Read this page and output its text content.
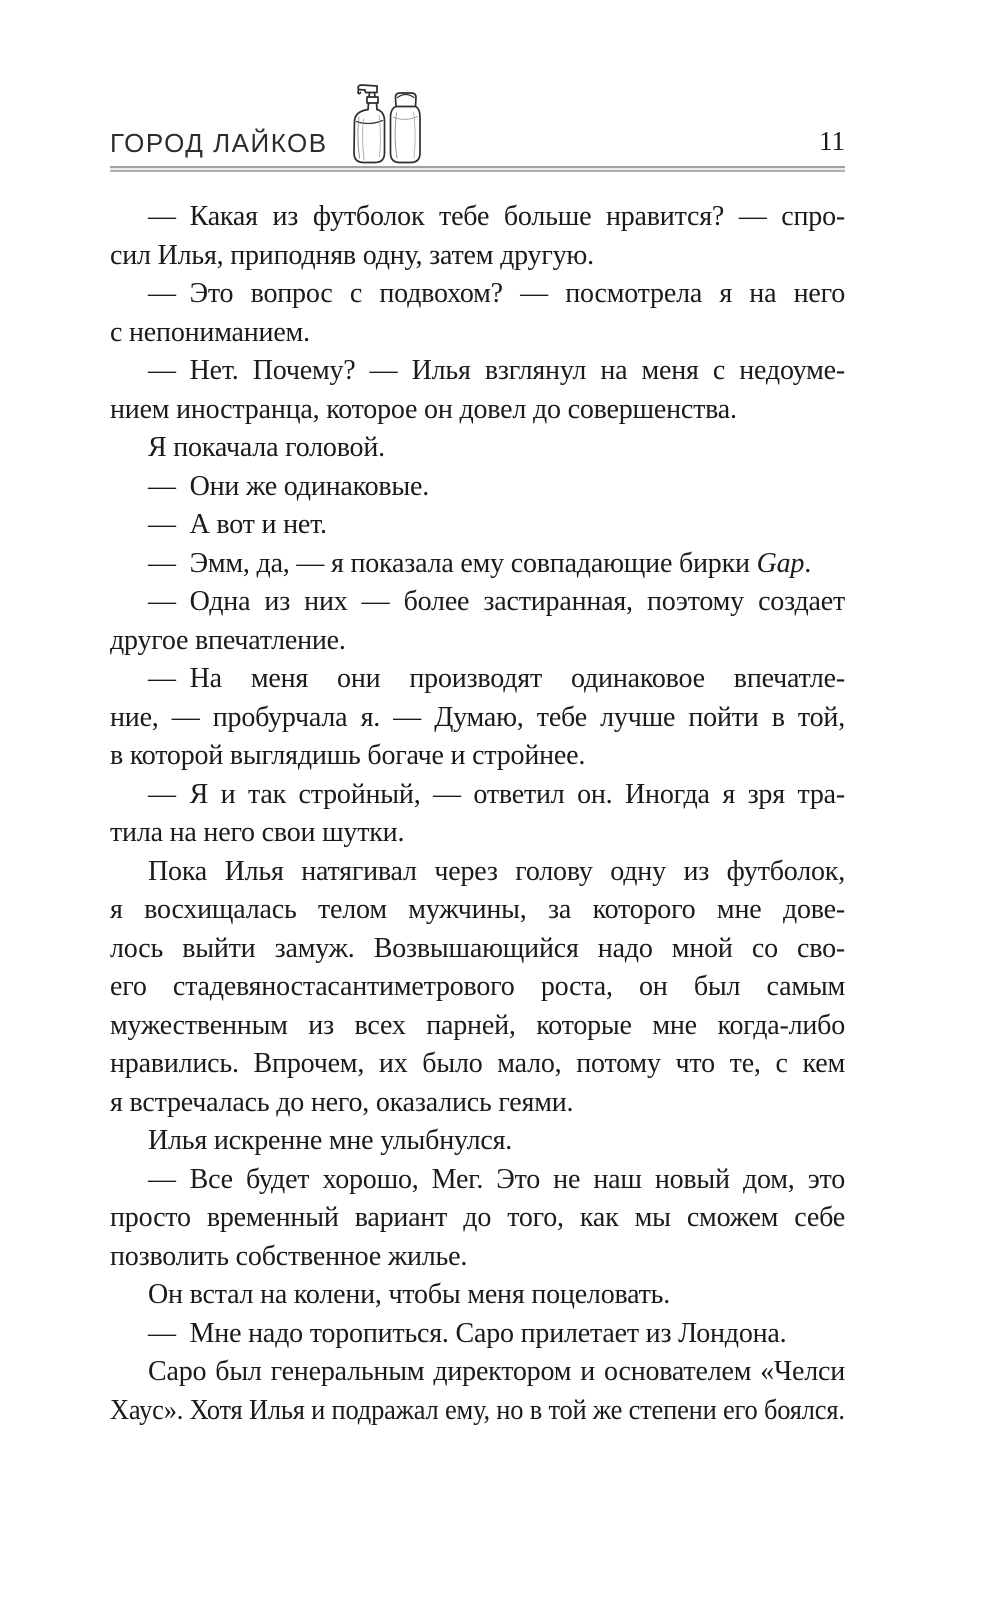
ГОРОД ЛАЙКОВ	11
— Какая из футболок тебе больше нравится? — спро-
сил Илья, приподняв одну, затем другую.
— Это вопрос с подвохом? — посмотрела я на него
с непониманием.
— Нет. Почему? — Илья взглянул на меня с недоуме-
нием иностранца, которое он довел до совершенства.
Я покачала головой.
— Они же одинаковые.
— А вот и нет.
— Эмм, да, — я показала ему совпадающие бирки Gap.
— Одна из них — более застиранная, поэтому создает
другое впечатление.
— На меня они производят одинаковое впечатле-
ние, — пробурчала я. — Думаю, тебе лучше пойти в той,
в которой выглядишь богаче и стройнее.
— Я и так стройный, — ответил он. Иногда я зря тра-
тила на него свои шутки.
Пока Илья натягивал через голову одну из футболок,
я восхищалась телом мужчины, за которого мне дове-
лось выйти замуж. Возвышающийся надо мной со сво-
его стадевяностасантиметрового роста, он был самым
мужественным из всех парней, которые мне когда-либо
нравились. Впрочем, их было мало, потому что те, с кем
я встречалась до него, оказались геями.
Илья искренне мне улыбнулся.
— Все будет хорошо, Мег. Это не наш новый дом, это
просто временный вариант до того, как мы сможем себе
позволить собственное жилье.
Он встал на колени, чтобы меня поцеловать.
— Мне надо торопиться. Саро прилетает из Лондона.
Саро был генеральным директором и основателем «Челси
Хаус». Хотя Илья и подражал ему, но в той же степени его боялся.
